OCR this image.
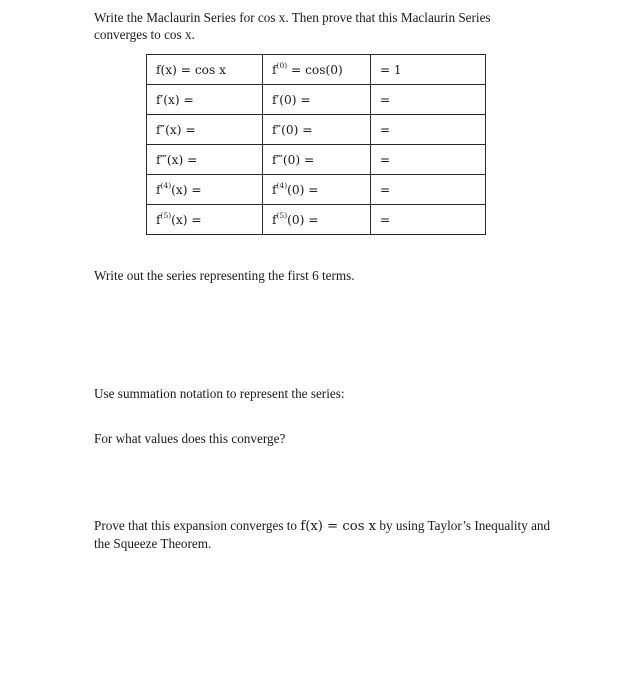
Write the Maclaurin Series for cos x. Then prove that this Maclaurin Series converges to cos x.

f(x) = cos x	$f^{(0)} = \cos(0)$	= 1
f′(x) =	f′(0) =	=
f″(x) =	f″(0) =	=
f‴(x) =	f‴(0) =	=
$f^{(4)}(x)$ =	$f^{(4)}(0)$ =	=
$f^{(5)}(x)$ =	$f^{(5)}(0)$ =	=

Write out the series representing the first 6 terms.

Use summation notation to represent the series:

For what values does this converge?

Prove that this expansion converges to f(x) = cos x by using Taylor’s Inequality and the Squeeze Theorem.
